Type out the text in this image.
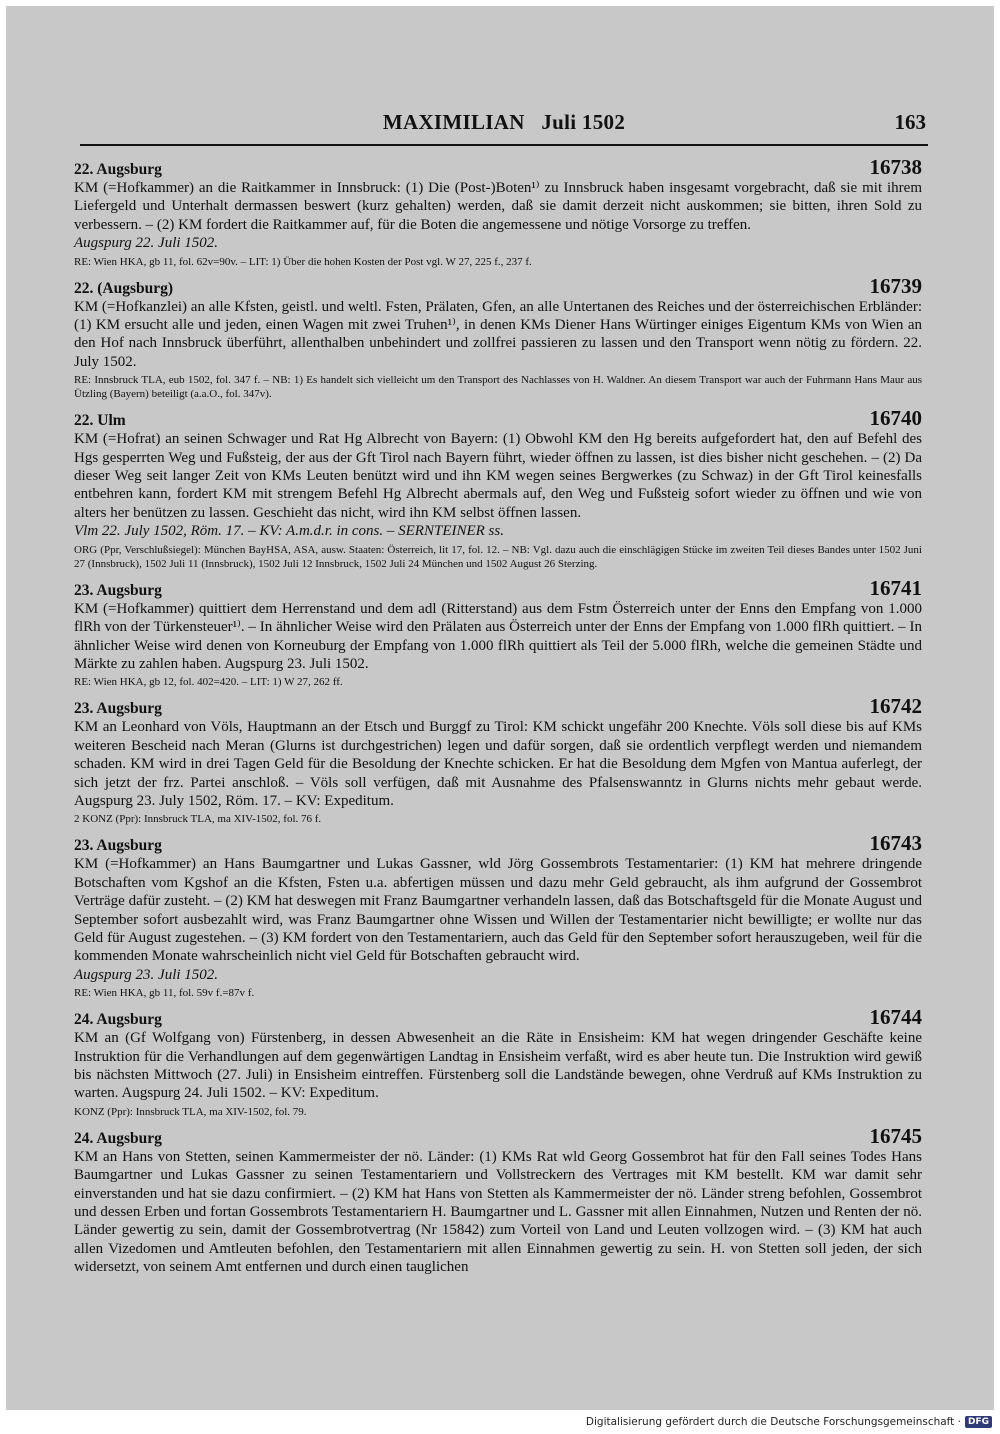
MAXIMILIAN   Juli 1502	163
22. Augsburg	16738

KM (=Hofkammer) an die Raitkammer in Innsbruck: (1) Die (Post-)Boten¹⁾ zu Innsbruck haben insgesamt vorgebracht, daß sie mit ihrem Liefergeld und Unterhalt dermassen beswert (kurz gehalten) werden, daß sie damit derzeit nicht auskommen; sie bitten, ihren Sold zu verbessern. – (2) KM fordert die Raitkammer auf, für die Boten die angemessene und nötige Vorsorge zu treffen.

Augspurg 22. Juli 1502.

RE: Wien HKA, gb 11, fol. 62v=90v. – LIT: 1) Über die hohen Kosten der Post vgl. W 27, 225 f., 237 f.

22. (Augsburg)	16739

KM (=Hofkanzlei) an alle Kfsten, geistl. und weltl. Fsten, Prälaten, Gfen, an alle Untertanen des Reiches und der österreichischen Erbländer: (1) KM ersucht alle und jeden, einen Wagen mit zwei Truhen¹⁾, in denen KMs Diener Hans Würtinger einiges Eigentum KMs von Wien an den Hof nach Innsbruck überführt, allenthalben unbehindert und zollfrei passieren zu lassen und den Transport wenn nötig zu fördern. 22. July 1502.

RE: Innsbruck TLA, eub 1502, fol. 347 f. – NB: 1) Es handelt sich vielleicht um den Transport des Nachlasses von H. Waldner. An diesem Transport war auch der Fuhrmann Hans Maur aus Ützling (Bayern) beteiligt (a.a.O., fol. 347v).

22. Ulm	16740

KM (=Hofrat) an seinen Schwager und Rat Hg Albrecht von Bayern: (1) Obwohl KM den Hg bereits aufgefordert hat, den auf Befehl des Hgs gesperrten Weg und Fußsteig, der aus der Gft Tirol nach Bayern führt, wieder öffnen zu lassen, ist dies bisher nicht geschehen. – (2) Da dieser Weg seit langer Zeit von KMs Leuten benützt wird und ihn KM wegen seines Bergwerkes (zu Schwaz) in der Gft Tirol keinesfalls entbehren kann, fordert KM mit strengem Befehl Hg Albrecht abermals auf, den Weg und Fußsteig sofort wieder zu öffnen und wie von alters her benützen zu lassen. Geschieht das nicht, wird ihn KM selbst öffnen lassen.

Vlm 22. July 1502, Röm. 17. – KV: A.m.d.r. in cons. – SERNTEINER ss.

ORG (Ppr, Verschlußsiegel): München BayHSA, ASA, ausw. Staaten: Österreich, lit 17, fol. 12. – NB: Vgl. dazu auch die einschlägigen Stücke im zweiten Teil dieses Bandes unter 1502 Juni 27 (Innsbruck), 1502 Juli 11 (Innsbruck), 1502 Juli 12 Innsbruck, 1502 Juli 24 München und 1502 August 26 Sterzing.

23. Augsburg	16741

KM (=Hofkammer) quittiert dem Herrenstand und dem adl (Ritterstand) aus dem Fstm Österreich unter der Enns den Empfang von 1.000 flRh von der Türkensteuer¹⁾. – In ähnlicher Weise wird den Prälaten aus Österreich unter der Enns der Empfang von 1.000 flRh quittiert. – In ähnlicher Weise wird denen von Korneuburg der Empfang von 1.000 flRh quittiert als Teil der 5.000 flRh, welche die gemeinen Städte und Märkte zu zahlen haben. Augspurg 23. Juli 1502.

RE: Wien HKA, gb 12, fol. 402=420. – LIT: 1) W 27, 262 ff.

23. Augsburg	16742

KM an Leonhard von Völs, Hauptmann an der Etsch und Burggf zu Tirol: KM schickt ungefähr 200 Knechte. Völs soll diese bis auf KMs weiteren Bescheid nach Meran (Glurns ist durchgestrichen) legen und dafür sorgen, daß sie ordentlich verpflegt werden und niemandem schaden. KM wird in drei Tagen Geld für die Besoldung der Knechte schicken. Er hat die Besoldung dem Mgfen von Mantua auferlegt, der sich jetzt der frz. Partei anschloß. – Völs soll verfügen, daß mit Ausnahme des Pfalsenswanntz in Glurns nichts mehr gebaut werde. Augspurg 23. July 1502, Röm. 17. – KV: Expeditum.

2 KONZ (Ppr): Innsbruck TLA, ma XIV-1502, fol. 76 f.

23. Augsburg	16743

KM (=Hofkammer) an Hans Baumgartner und Lukas Gassner, wld Jörg Gossembrots Testamentarier: (1) KM hat mehrere dringende Botschaften vom Kgshof an die Kfsten, Fsten u.a. abfertigen müssen und dazu mehr Geld gebraucht, als ihm aufgrund der Gossembrot Verträge dafür zusteht. – (2) KM hat deswegen mit Franz Baumgartner verhandeln lassen, daß das Botschaftsgeld für die Monate August und September sofort ausbezahlt wird, was Franz Baumgartner ohne Wissen und Willen der Testamentarier nicht bewilligte; er wollte nur das Geld für August zugestehen. – (3) KM fordert von den Testamentariern, auch das Geld für den September sofort herauszugeben, weil für die kommenden Monate wahrscheinlich nicht viel Geld für Botschaften gebraucht wird.

Augspurg 23. Juli 1502.

RE: Wien HKA, gb 11, fol. 59v f.=87v f.

24. Augsburg	16744

KM an (Gf Wolfgang von) Fürstenberg, in dessen Abwesenheit an die Räte in Ensisheim: KM hat wegen dringender Geschäfte keine Instruktion für die Verhandlungen auf dem gegenwärtigen Landtag in Ensisheim verfaßt, wird es aber heute tun. Die Instruktion wird gewiß bis nächsten Mittwoch (27. Juli) in Ensisheim eintreffen. Fürstenberg soll die Landstände bewegen, ohne Verdruß auf KMs Instruktion zu warten. Augspurg 24. Juli 1502. – KV: Expeditum.

KONZ (Ppr): Innsbruck TLA, ma XIV-1502, fol. 79.

24. Augsburg	16745

KM an Hans von Stetten, seinen Kammermeister der nö. Länder: (1) KMs Rat wld Georg Gossembrot hat für den Fall seines Todes Hans Baumgartner und Lukas Gassner zu seinen Testamentariern und Vollstreckern des Vertrages mit KM bestellt. KM war damit sehr einverstanden und hat sie dazu confirmiert. – (2) KM hat Hans von Stetten als Kammermeister der nö. Länder streng befohlen, Gossembrot und dessen Erben und fortan Gossembrots Testamentariern H. Baumgartner und L. Gassner mit allen Einnahmen, Nutzen und Renten der nö. Länder gewertig zu sein, damit der Gossembrotvertrag (Nr 15842) zum Vorteil von Land und Leuten vollzogen wird. – (3) KM hat auch allen Vizedomen und Amtleuten befohlen, den Testamentariern mit allen Einnahmen gewertig zu sein. H. von Stetten soll jeden, der sich widersetzt, von seinem Amt entfernen und durch einen tauglichen

Digitalisierung gefördert durch die Deutsche Forschungsgemeinschaft · DFG
